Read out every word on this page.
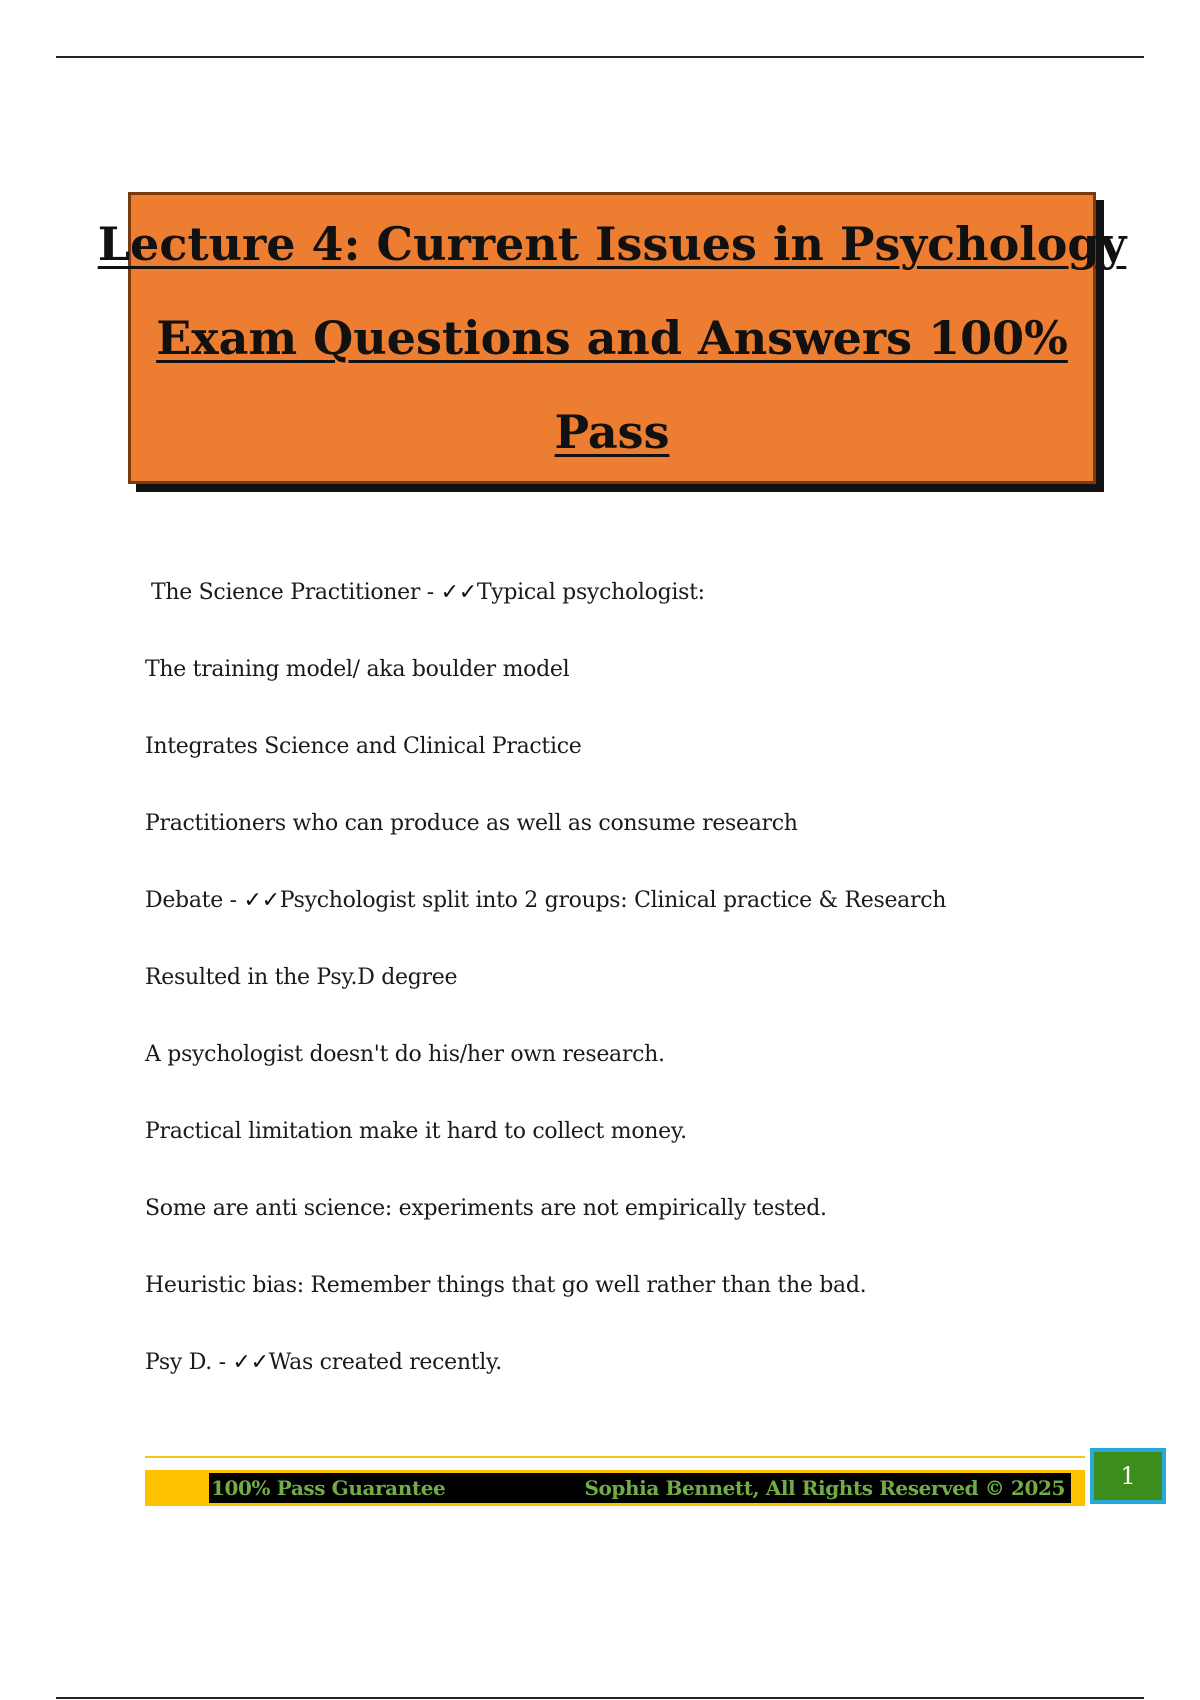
Lecture 4: Current Issues in Psychology
Exam Questions and Answers 100%
Pass
The Science Practitioner - ✓✓Typical psychologist:
The training model/ aka boulder model
Integrates Science and Clinical Practice
Practitioners who can produce as well as consume research
Debate - ✓✓Psychologist split into 2 groups: Clinical practice & Research
Resulted in the Psy.D degree
A psychologist doesn't do his/her own research.
Practical limitation make it hard to collect money.
Some are anti science: experiments are not empirically tested.
Heuristic bias: Remember things that go well rather than the bad.
Psy D. - ✓✓Was created recently.
100% Pass Guarantee	Sophia Bennett, All Rights Reserved © 2025	1
